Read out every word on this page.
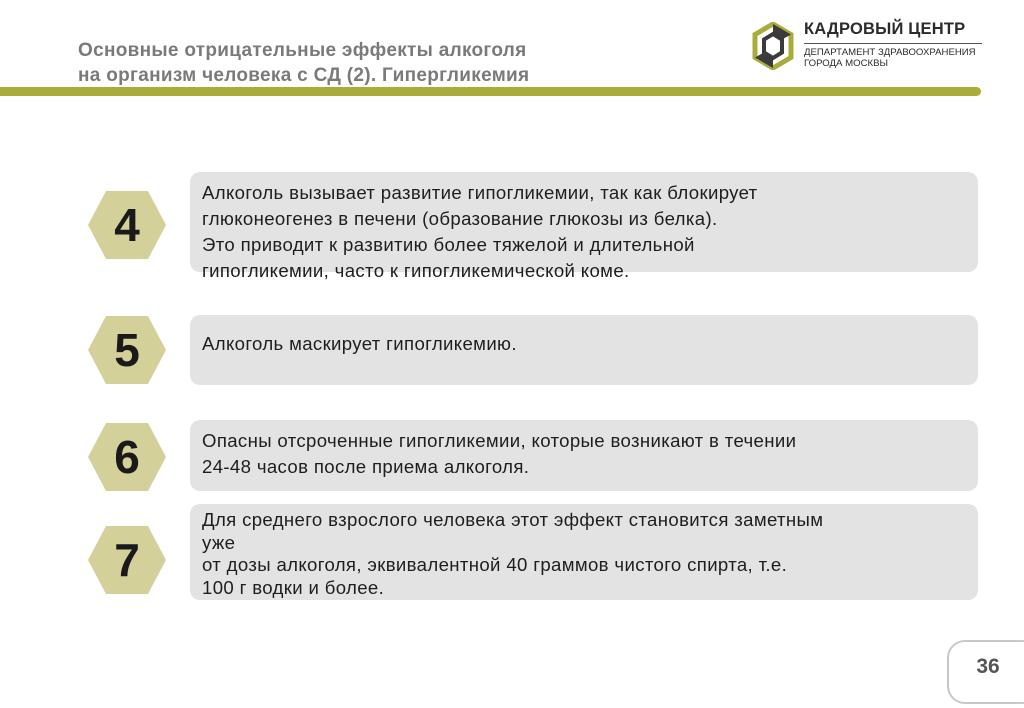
Основные отрицательные эффекты алкоголя
на организм человека с СД (2). Гипергликемия
КАДРОВЫЙ ЦЕНТР
ДЕПАРТАМЕНТ ЗДРАВООХРАНЕНИЯ
ГОРОДА МОСКВЫ
4
Алкоголь вызывает развитие гипогликемии, так как блокирует
глюконеогенез в печени (образование глюкозы из белка).
Это приводит к развитию более тяжелой и длительной
гипогликемии, часто к гипогликемической коме.
5	Алкоголь маскирует гипогликемию.
6	Опасны отсроченные гипогликемии, которые возникают в течении
24-48 часов после приема алкоголя.
7
Для среднего взрослого человека этот эффект становится заметным
уже
от дозы алкоголя, эквивалентной 40 граммов чистого спирта, т.е.
100 г водки и более.
36
